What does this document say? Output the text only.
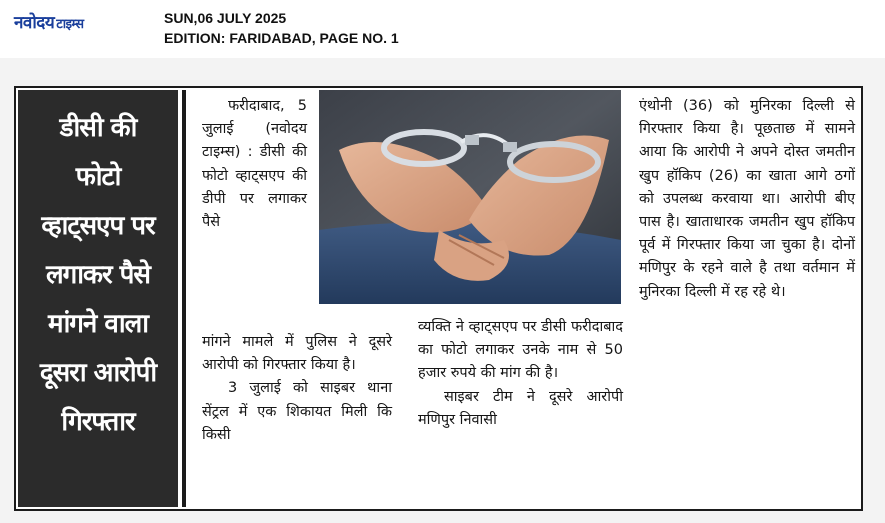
नवोदय टाइम्स	SUN,06 JULY 2025
EDITION: FARIDABAD, PAGE NO. 1
डीसी की
फोटो
व्हाट्सएप पर
लगाकर पैसे
मांगने वाला
दूसरा आरोपी
गिरफ्तार

फरीदाबाद, 5 जुलाई (नवोदय टाइम्स) : डीसी की फोटो व्हाट्सएप की डीपी पर लगाकर पैसे

मांगने मामले में पुलिस ने दूसरे आरोपी को गिरफ्तार किया है।

3 जुलाई को साइबर थाना सेंट्रल में एक शिकायत मिली कि किसी

व्यक्ति ने व्हाट्सएप पर डीसी फरीदाबाद का फोटो लगाकर उनके नाम से 50 हजार रुपये की मांग की है।

साइबर टीम ने दूसरे आरोपी मणिपुर निवासी

एंथोनी (36) को मुनिरका दिल्ली से गिरफ्तार किया है। पूछताछ में सामने आया कि आरोपी ने अपने दोस्त जमतीन खुप हॉकिप (26) का खाता आगे ठगों को उपलब्ध करवाया था। आरोपी बीए पास है। खाताधारक जमतीन खुप हॉकिप पूर्व में गिरफ्तार किया जा चुका है। दोनों मणिपुर के रहने वाले है तथा वर्तमान में मुनिरका दिल्ली में रह रहे थे।
